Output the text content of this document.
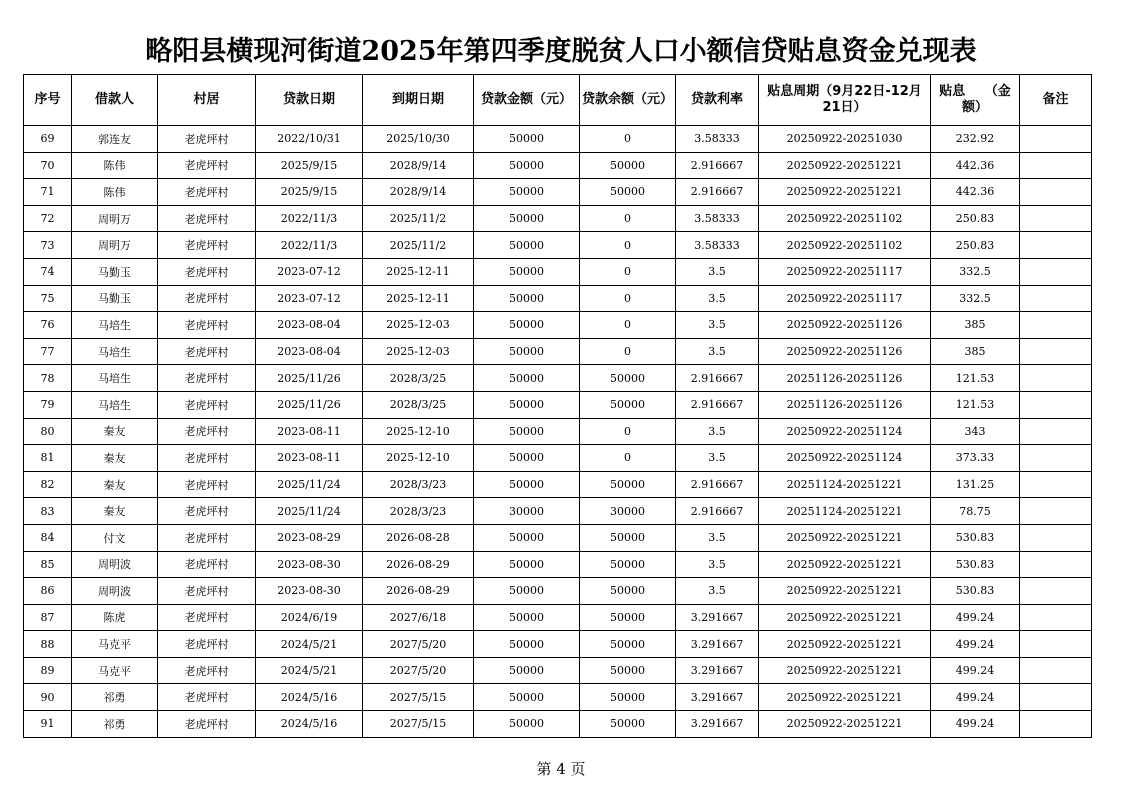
略阳县横现河街道2025年第四季度脱贫人口小额信贷贴息资金兑现表
序号	借款人	村居	贷款日期	到期日期	贷款金额（元）	贷款余额（元）	贷款利率	贴息周期（9月22日-12月21日）	贴息　　（金额）	备注
69	郭连友	老虎坪村	2022/10/31	2025/10/30	50000	0	3.58333	20250922-20251030	232.92	
70	陈伟	老虎坪村	2025/9/15	2028/9/14	50000	50000	2.916667	20250922-20251221	442.36	
71	陈伟	老虎坪村	2025/9/15	2028/9/14	50000	50000	2.916667	20250922-20251221	442.36	
72	周明万	老虎坪村	2022/11/3	2025/11/2	50000	0	3.58333	20250922-20251102	250.83	
73	周明万	老虎坪村	2022/11/3	2025/11/2	50000	0	3.58333	20250922-20251102	250.83	
74	马勤玉	老虎坪村	2023-07-12	2025-12-11	50000	0	3.5	20250922-20251117	332.5	
75	马勤玉	老虎坪村	2023-07-12	2025-12-11	50000	0	3.5	20250922-20251117	332.5	
76	马培生	老虎坪村	2023-08-04	2025-12-03	50000	0	3.5	20250922-20251126	385	
77	马培生	老虎坪村	2023-08-04	2025-12-03	50000	0	3.5	20250922-20251126	385	
78	马培生	老虎坪村	2025/11/26	2028/3/25	50000	50000	2.916667	20251126-20251126	121.53	
79	马培生	老虎坪村	2025/11/26	2028/3/25	50000	50000	2.916667	20251126-20251126	121.53	
80	秦友	老虎坪村	2023-08-11	2025-12-10	50000	0	3.5	20250922-20251124	343	
81	秦友	老虎坪村	2023-08-11	2025-12-10	50000	0	3.5	20250922-20251124	373.33	
82	秦友	老虎坪村	2025/11/24	2028/3/23	50000	50000	2.916667	20251124-20251221	131.25	
83	秦友	老虎坪村	2025/11/24	2028/3/23	30000	30000	2.916667	20251124-20251221	78.75	
84	付文	老虎坪村	2023-08-29	2026-08-28	50000	50000	3.5	20250922-20251221	530.83	
85	周明波	老虎坪村	2023-08-30	2026-08-29	50000	50000	3.5	20250922-20251221	530.83	
86	周明波	老虎坪村	2023-08-30	2026-08-29	50000	50000	3.5	20250922-20251221	530.83	
87	陈虎	老虎坪村	2024/6/19	2027/6/18	50000	50000	3.291667	20250922-20251221	499.24	
88	马克平	老虎坪村	2024/5/21	2027/5/20	50000	50000	3.291667	20250922-20251221	499.24	
89	马克平	老虎坪村	2024/5/21	2027/5/20	50000	50000	3.291667	20250922-20251221	499.24	
90	祁勇	老虎坪村	2024/5/16	2027/5/15	50000	50000	3.291667	20250922-20251221	499.24	
91	祁勇	老虎坪村	2024/5/16	2027/5/15	50000	50000	3.291667	20250922-20251221	499.24	
第 4 页
